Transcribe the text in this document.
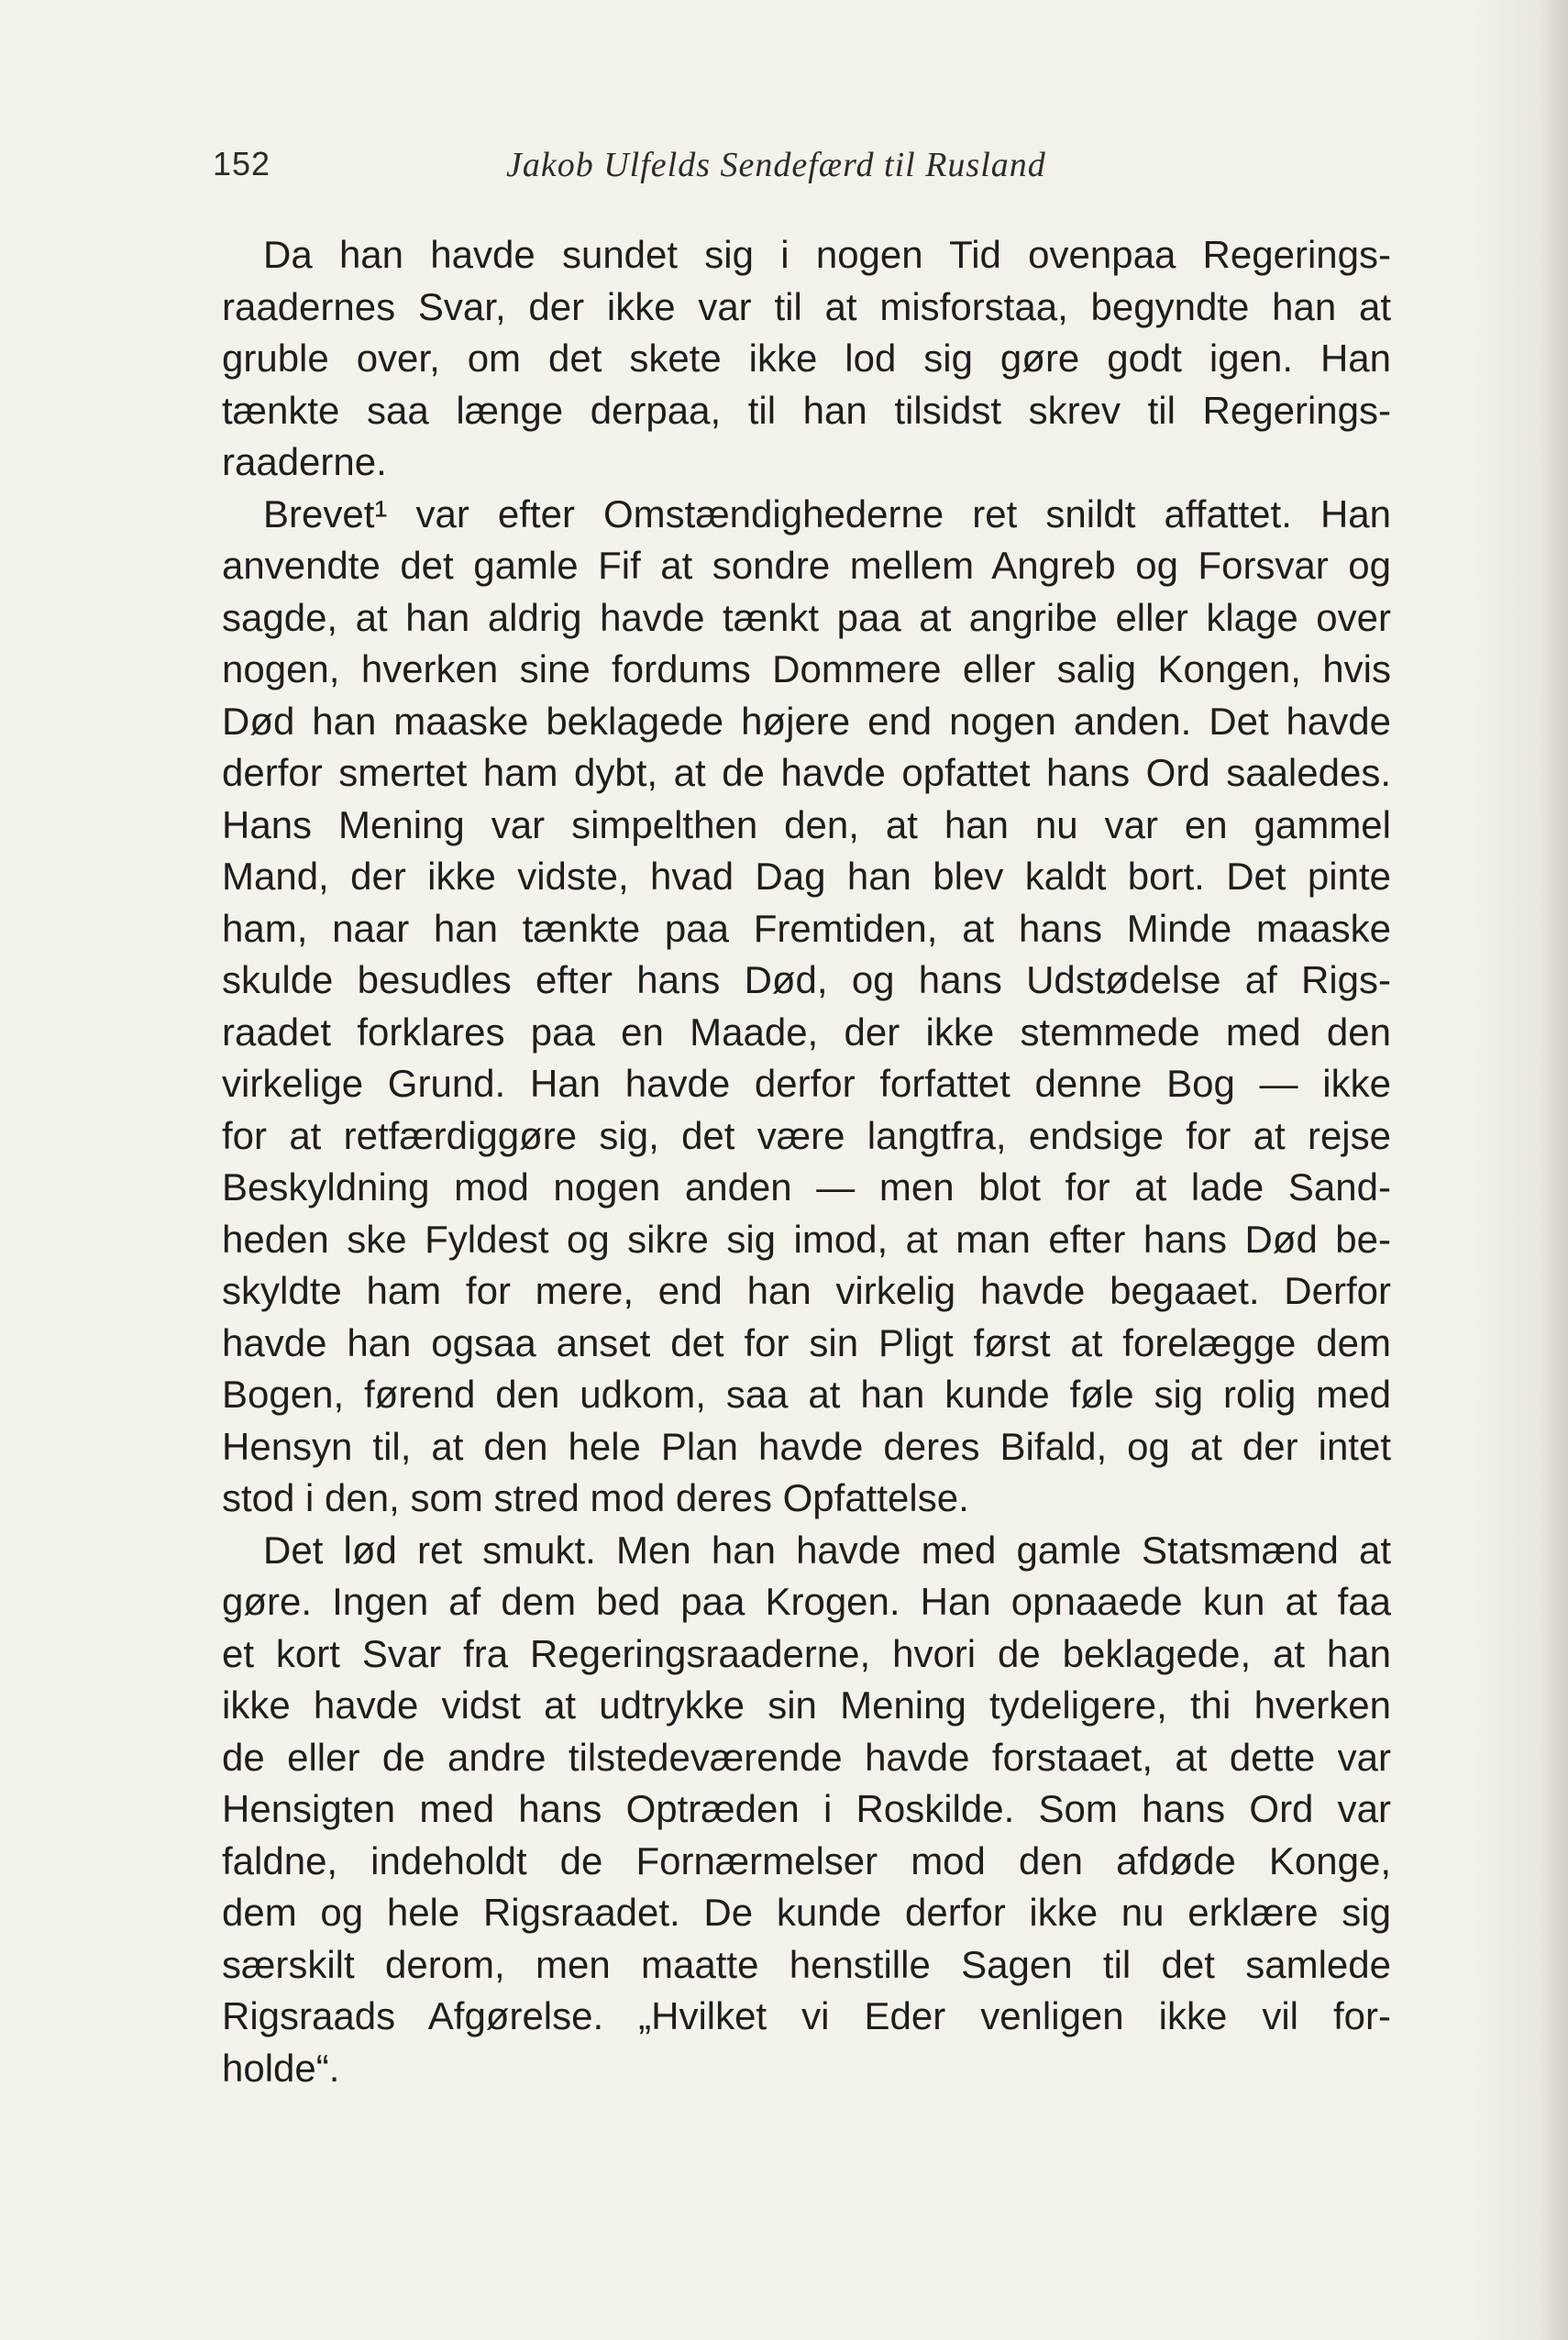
152	Jakob Ulfelds Sendefærd til Rusland
Da han havde sundet sig i nogen Tid ovenpaa Regerings-
raadernes Svar, der ikke var til at misforstaa, begyndte han at
gruble over, om det skete ikke lod sig gøre godt igen. Han
tænkte saa længe derpaa, til han tilsidst skrev til Regerings-
raaderne.
Brevet¹ var efter Omstændighederne ret snildt affattet. Han
anvendte det gamle Fif at sondre mellem Angreb og Forsvar og
sagde, at han aldrig havde tænkt paa at angribe eller klage over
nogen, hverken sine fordums Dommere eller salig Kongen, hvis
Død han maaske beklagede højere end nogen anden. Det havde
derfor smertet ham dybt, at de havde opfattet hans Ord saaledes.
Hans Mening var simpelthen den, at han nu var en gammel
Mand, der ikke vidste, hvad Dag han blev kaldt bort. Det pinte
ham, naar han tænkte paa Fremtiden, at hans Minde maaske
skulde besudles efter hans Død, og hans Udstødelse af Rigs-
raadet forklares paa en Maade, der ikke stemmede med den
virkelige Grund. Han havde derfor forfattet denne Bog — ikke
for at retfærdiggøre sig, det være langtfra, endsige for at rejse
Beskyldning mod nogen anden — men blot for at lade Sand-
heden ske Fyldest og sikre sig imod, at man efter hans Død be-
skyldte ham for mere, end han virkelig havde begaaet. Derfor
havde han ogsaa anset det for sin Pligt først at forelægge dem
Bogen, førend den udkom, saa at han kunde føle sig rolig med
Hensyn til, at den hele Plan havde deres Bifald, og at der intet
stod i den, som stred mod deres Opfattelse.
Det lød ret smukt. Men han havde med gamle Statsmænd at
gøre. Ingen af dem bed paa Krogen. Han opnaaede kun at faa
et kort Svar fra Regeringsraaderne, hvori de beklagede, at han
ikke havde vidst at udtrykke sin Mening tydeligere, thi hverken
de eller de andre tilstedeværende havde forstaaet, at dette var
Hensigten med hans Optræden i Roskilde. Som hans Ord var
faldne, indeholdt de Fornærmelser mod den afdøde Konge,
dem og hele Rigsraadet. De kunde derfor ikke nu erklære sig
særskilt derom, men maatte henstille Sagen til det samlede
Rigsraads Afgørelse. „Hvilket vi Eder venligen ikke vil for-
holde“.
